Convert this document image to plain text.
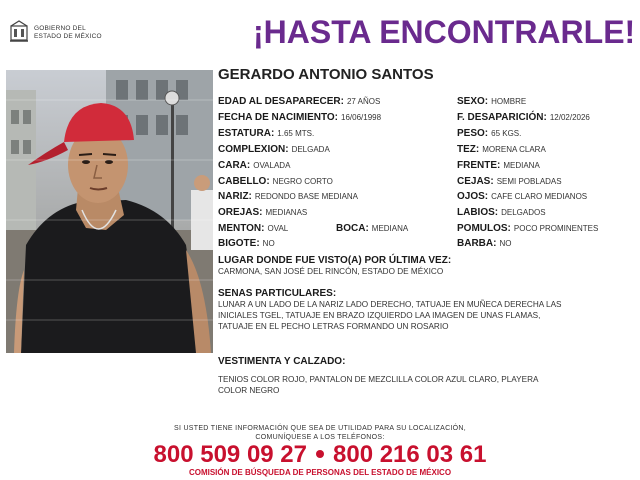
GOBIERNO DEL
ESTADO DE MÉXICO	¡HASTA ENCONTRARLE!
GERARDO ANTONIO SANTOS
EDAD AL DESAPARECER: 27 AÑOS
FECHA DE NACIMIENTO: 16/06/1998
ESTATURA: 1.65 MTS.
COMPLEXION: DELGADA
CARA: OVALADA
CABELLO: NEGRO CORTO
NARIZ: REDONDO BASE MEDIANA
OREJAS: MEDIANAS
MENTON: OVAL
BIGOTE: NO
BOCA: MEDIANA
SEXO: HOMBRE
F. DESAPARICIÓN: 12/02/2026
PESO: 65 KGS.
TEZ: MORENA CLARA
FRENTE: MEDIANA
CEJAS: SEMI POBLADAS
OJOS: CAFE CLARO MEDIANOS
LABIOS: DELGADOS
POMULOS: POCO PROMINENTES
BARBA: NO
LUGAR DONDE FUE VISTO(A) POR ÚLTIMA VEZ:
CARMONA, SAN JOSÉ DEL RINCÓN, ESTADO DE MÉXICO
SENAS PARTICULARES:
LUNAR A UN LADO DE LA NARIZ LADO DERECHO, TATUAJE EN MUÑECA DERECHA LAS
INICIALES TGEL, TATUAJE EN BRAZO IZQUIERDO LAA IMAGEN DE UNAS FLAMAS,
TATUAJE EN EL PECHO LETRAS FORMANDO UN ROSARIO
VESTIMENTA Y CALZADO:
TENIOS COLOR ROJO, PANTALON DE MEZCLILLA COLOR AZUL CLARO, PLAYERA
COLOR NEGRO
SI USTED TIENE INFORMACIÓN QUE SEA DE UTILIDAD PARA SU LOCALIZACIÓN,
COMUNÍQUESE A LOS TELÉFONOS:
800 509 09 27 800 216 03 61
COMISIÓN DE BÚSQUEDA DE PERSONAS DEL ESTADO DE MÉXICO
